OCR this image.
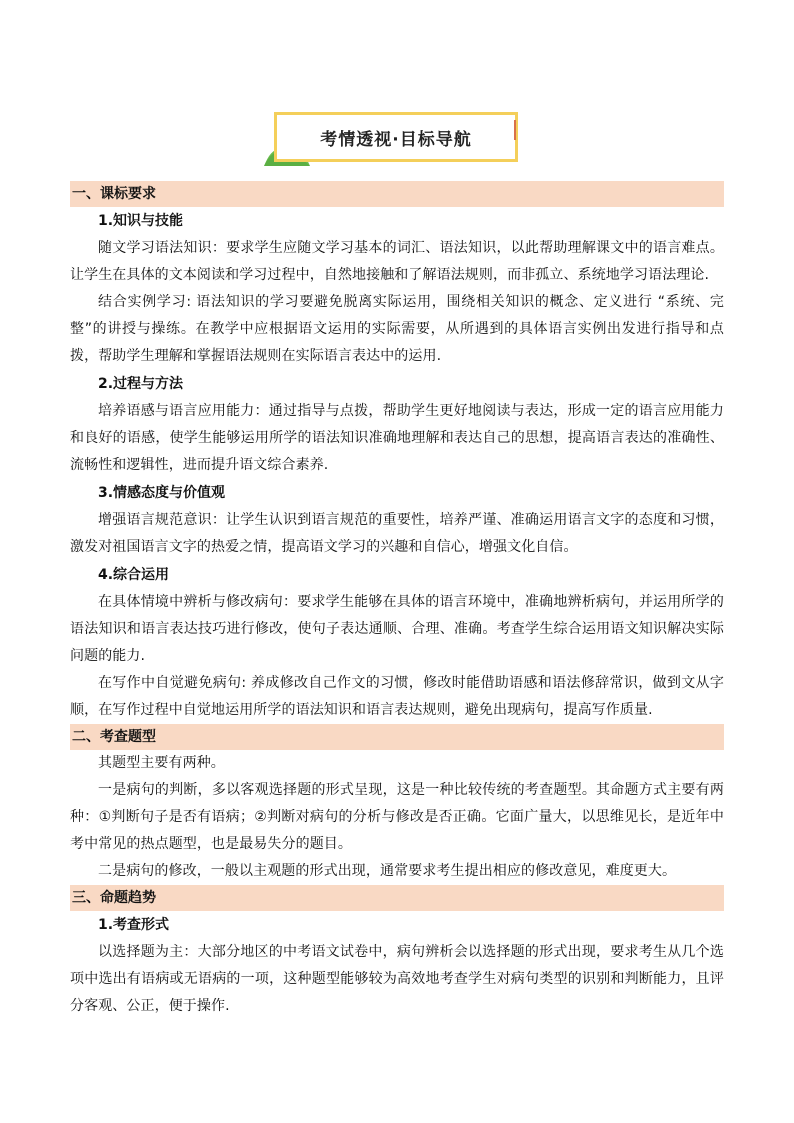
考情透视·目标导航
一、课标要求
1.知识与技能

随文学习语法知识：要求学生应随文学习基本的词汇、语法知识，以此帮助理解课文中的语言难点。让学生在具体的文本阅读和学习过程中，自然地接触和了解语法规则，而非孤立、系统地学习语法理论.

结合实例学习: 语法知识的学习要避免脱离实际运用，围绕相关知识的概念、定义进行 “系统、完整”的讲授与操练。在教学中应根据语文运用的实际需要，从所遇到的具体语言实例出发进行指导和点拨，帮助学生理解和掌握语法规则在实际语言表达中的运用.

2.过程与方法

培养语感与语言应用能力：通过指导与点拨，帮助学生更好地阅读与表达，形成一定的语言应用能力和良好的语感，使学生能够运用所学的语法知识准确地理解和表达自己的思想，提高语言表达的准确性、流畅性和逻辑性，进而提升语文综合素养.

3.情感态度与价值观

增强语言规范意识：让学生认识到语言规范的重要性，培养严谨、准确运用语言文字的态度和习惯，激发对祖国语言文字的热爱之情，提高语文学习的兴趣和自信心，增强文化自信。

4.综合运用

在具体情境中辨析与修改病句：要求学生能够在具体的语言环境中，准确地辨析病句，并运用所学的语法知识和语言表达技巧进行修改，使句子表达通顺、合理、准确。考查学生综合运用语文知识解决实际问题的能力.

在写作中自觉避免病句: 养成修改自己作文的习惯，修改时能借助语感和语法修辞常识，做到文从字顺，在写作过程中自觉地运用所学的语法知识和语言表达规则，避免出现病句，提高写作质量.

二、考查题型

其题型主要有两种。

一是病句的判断，多以客观选择题的形式呈现，这是一种比较传统的考查题型。其命题方式主要有两种：①判断句子是否有语病；②判断对病句的分析与修改是否正确。它面广量大，以思维见长，是近年中考中常见的热点题型，也是最易失分的题目。

二是病句的修改，一般以主观题的形式出现，通常要求考生提出相应的修改意见，难度更大。

三、命题趋势
1.考查形式

以选择题为主：大部分地区的中考语文试卷中，病句辨析会以选择题的形式出现，要求考生从几个选项中选出有语病或无语病的一项，这种题型能够较为高效地考查学生对病句类型的识别和判断能力，且评分客观、公正，便于操作.
